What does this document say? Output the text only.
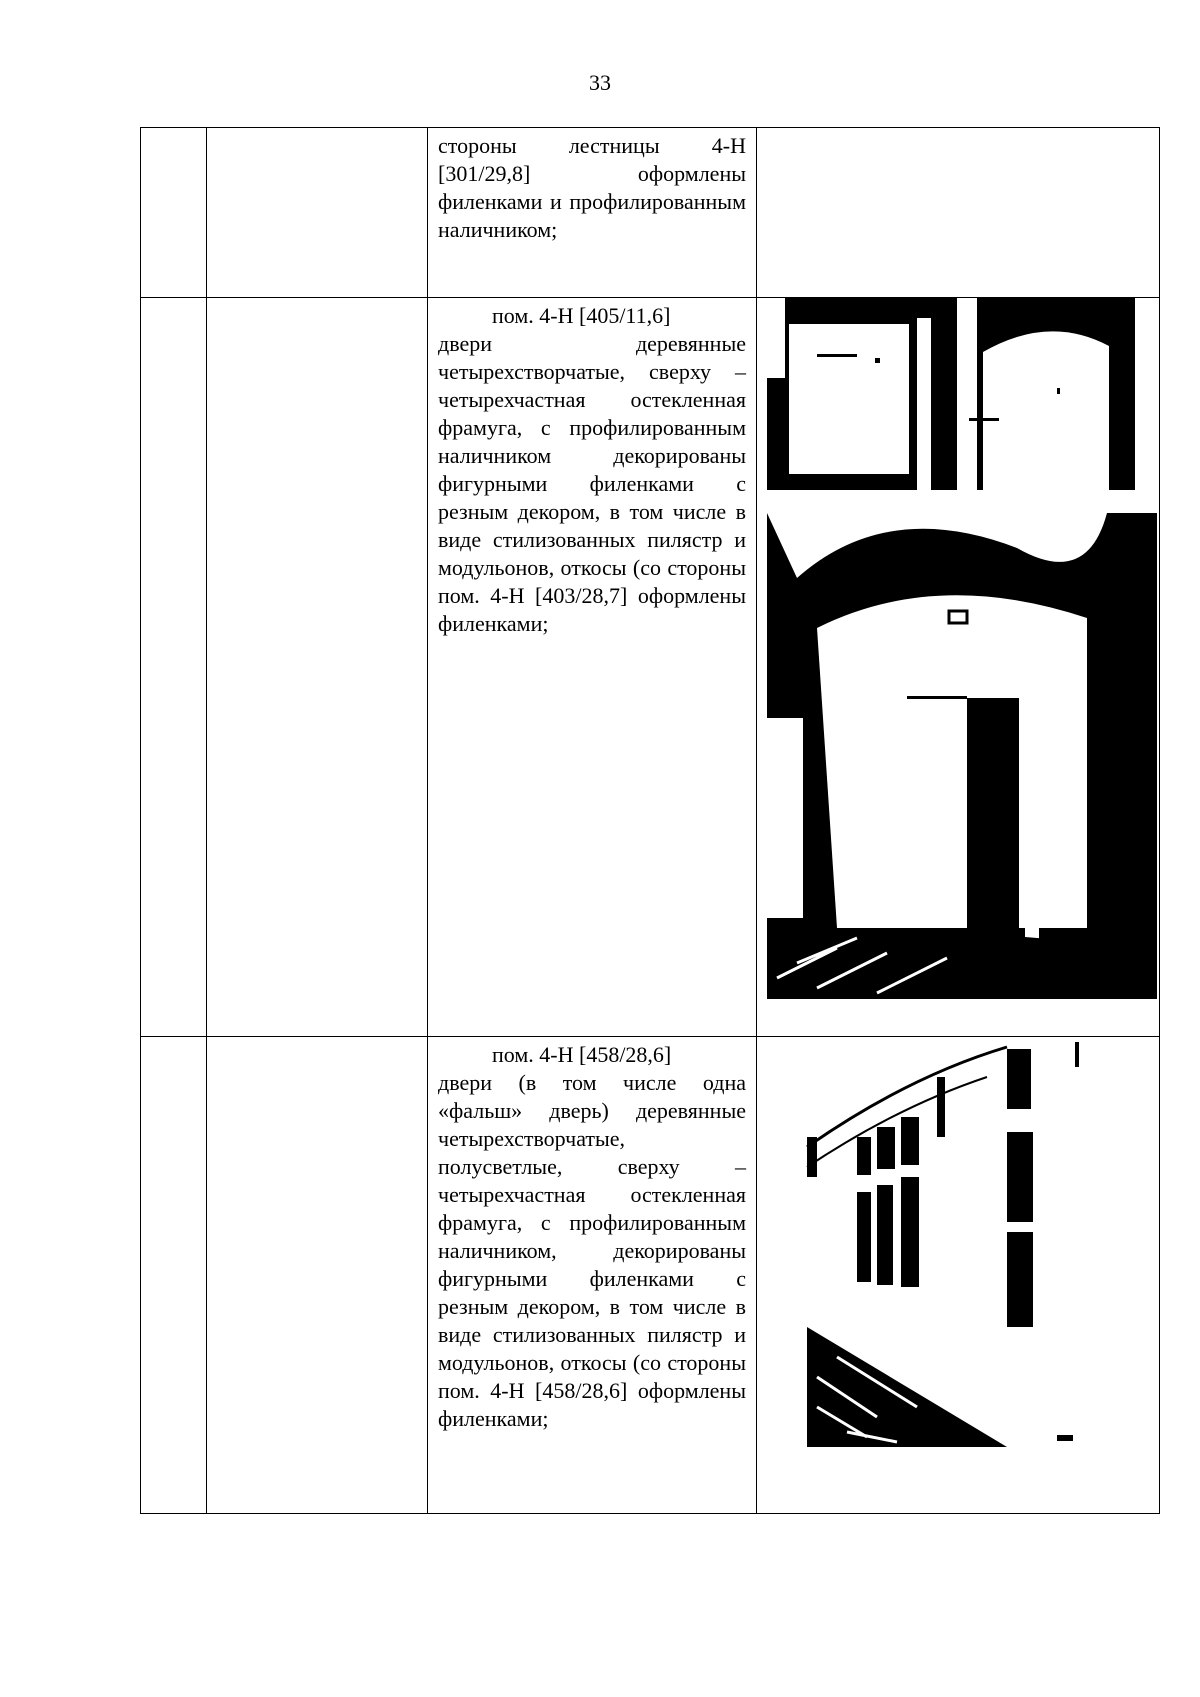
33

		стороны лестницы 4-Н [301/29,8] оформлены филенками и профилированным наличником;	

		пом. 4-Н [405/11,6]

двери деревянные четырехстворчатые, сверху – четырехчастная остекленная фрамуга, с профилированным наличником декорированы фигурными филенками с резным декором, в том числе в виде стилизованных пилястр и модульонов, откосы (со стороны пом. 4-Н [403/28,7] оформлены филенками;

		пом. 4-Н [458/28,6]

двери (в том числе одна «фальш» дверь) деревянные четырехстворчатые, полусветлые, сверху – четырехчастная остекленная фрамуга, с профилированным наличником, декорированы фигурными филенками с резным декором, в том числе в виде стилизованных пилястр и модульонов, откосы (со стороны пом. 4-Н [458/28,6] оформлены филенками;
